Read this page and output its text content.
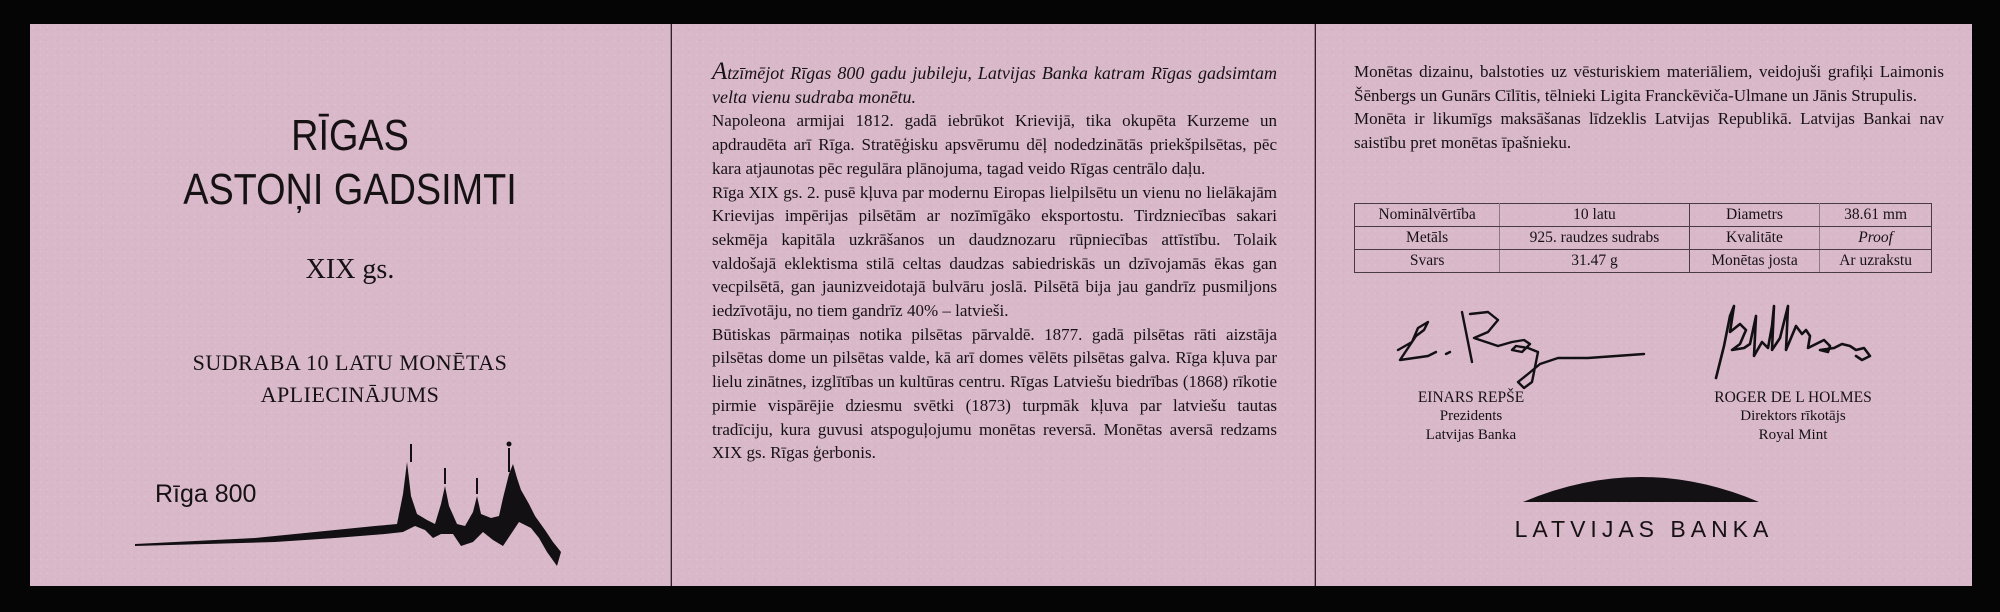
RĪGAS
ASTOŅI GADSIMTI
XIX gs.
SUDRABA 10 LATU MONĒTAS
APLIECINĀJUMS
Rīga 800

Atzīmējot Rīgas 800 gadu jubileju, Latvijas Banka katram Rīgas gadsimtam velta vienu sudraba monētu.

Napoleona armijai 1812. gadā iebrūkot Krievijā, tika okupēta Kurzeme un apdraudēta arī Rīga. Stratēģisku apsvērumu dēļ nodedzinātās priekšpilsētas, pēc kara atjaunotas pēc regulāra plānojuma, tagad veido Rīgas centrālo daļu.

Rīga XIX gs. 2. pusē kļuva par modernu Eiropas lielpilsētu un vienu no lielākajām Krievijas impērijas pilsētām ar nozīmīgāko eksportostu. Tirdzniecības sakari sekmēja kapitāla uzkrāšanos un daudznozaru rūpniecības attīstību. Tolaik valdošajā eklektisma stilā celtas daudzas sabiedriskās un dzīvojamās ēkas gan vecpilsētā, gan jaunizveidotajā bulvāru joslā. Pilsētā bija jau gandrīz pusmiljons iedzīvotāju, no tiem gandrīz 40% – latvieši.

Būtiskas pārmaiņas notika pilsētas pārvaldē. 1877. gadā pilsētas rāti aizstāja pilsētas dome un pilsētas valde, kā arī domes vēlēts pilsētas galva. Rīga kļuva par lielu zinātnes, izglītības un kultūras centru. Rīgas Latviešu biedrības (1868) rīkotie pirmie vispārējie dziesmu svētki (1873) turpmāk kļuva par latviešu tautas tradīciju, kura guvusi atspoguļojumu monētas reversā. Monētas aversā redzams XIX gs. Rīgas ģerbonis.

Monētas dizainu, balstoties uz vēsturiskiem materiāliem, veidojuši grafiķi Laimonis Šēnbergs un Gunārs Cīlītis, tēlnieki Ligita Franckēviča-Ulmane un Jānis Strupulis.

Monēta ir likumīgs maksāšanas līdzeklis Latvijas Republikā. Latvijas Bankai nav saistību pret monētas īpašnieku.

Nominālvērtība	10 latu	Diametrs	38.61 mm
Metāls	925. raudzes sudrabs	Kvalitāte	Proof
Svars	31.47 g	Monētas josta	Ar uzrakstu
EINARS REPŠE
Prezidents
Latvijas Banka
ROGER DE L HOLMES
Direktors rīkotājs
Royal Mint
LATVIJAS BANKA
